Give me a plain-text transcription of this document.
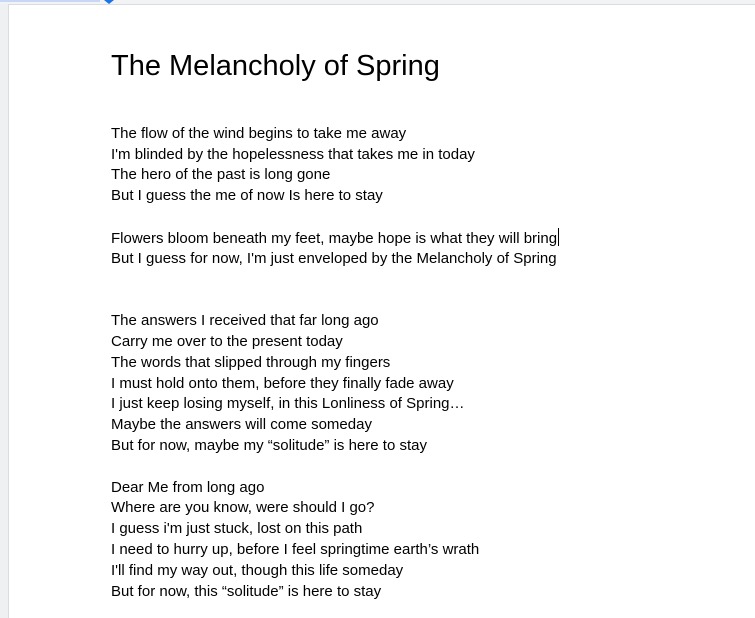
The Melancholy of Spring

The flow of the wind begins to take me away

I'm blinded by the hopelessness that takes me in today

The hero of the past is long gone

But I guess the me of now Is here to stay

Flowers bloom beneath my feet, maybe hope is what they will bring

But I guess for now, I'm just enveloped by the Melancholy of Spring

The answers I received that far long ago

Carry me over to the present today

The words that slipped through my fingers

I must hold onto them, before they finally fade away

I just keep losing myself, in this Lonliness of Spring…

Maybe the answers will come someday

But for now, maybe my “solitude” is here to stay

Dear Me from long ago

Where are you know, were should I go?

I guess i'm just stuck, lost on this path

I need to hurry up, before I feel springtime earth’s wrath

I'll find my way out, though this life someday

But for now, this “solitude” is here to stay
